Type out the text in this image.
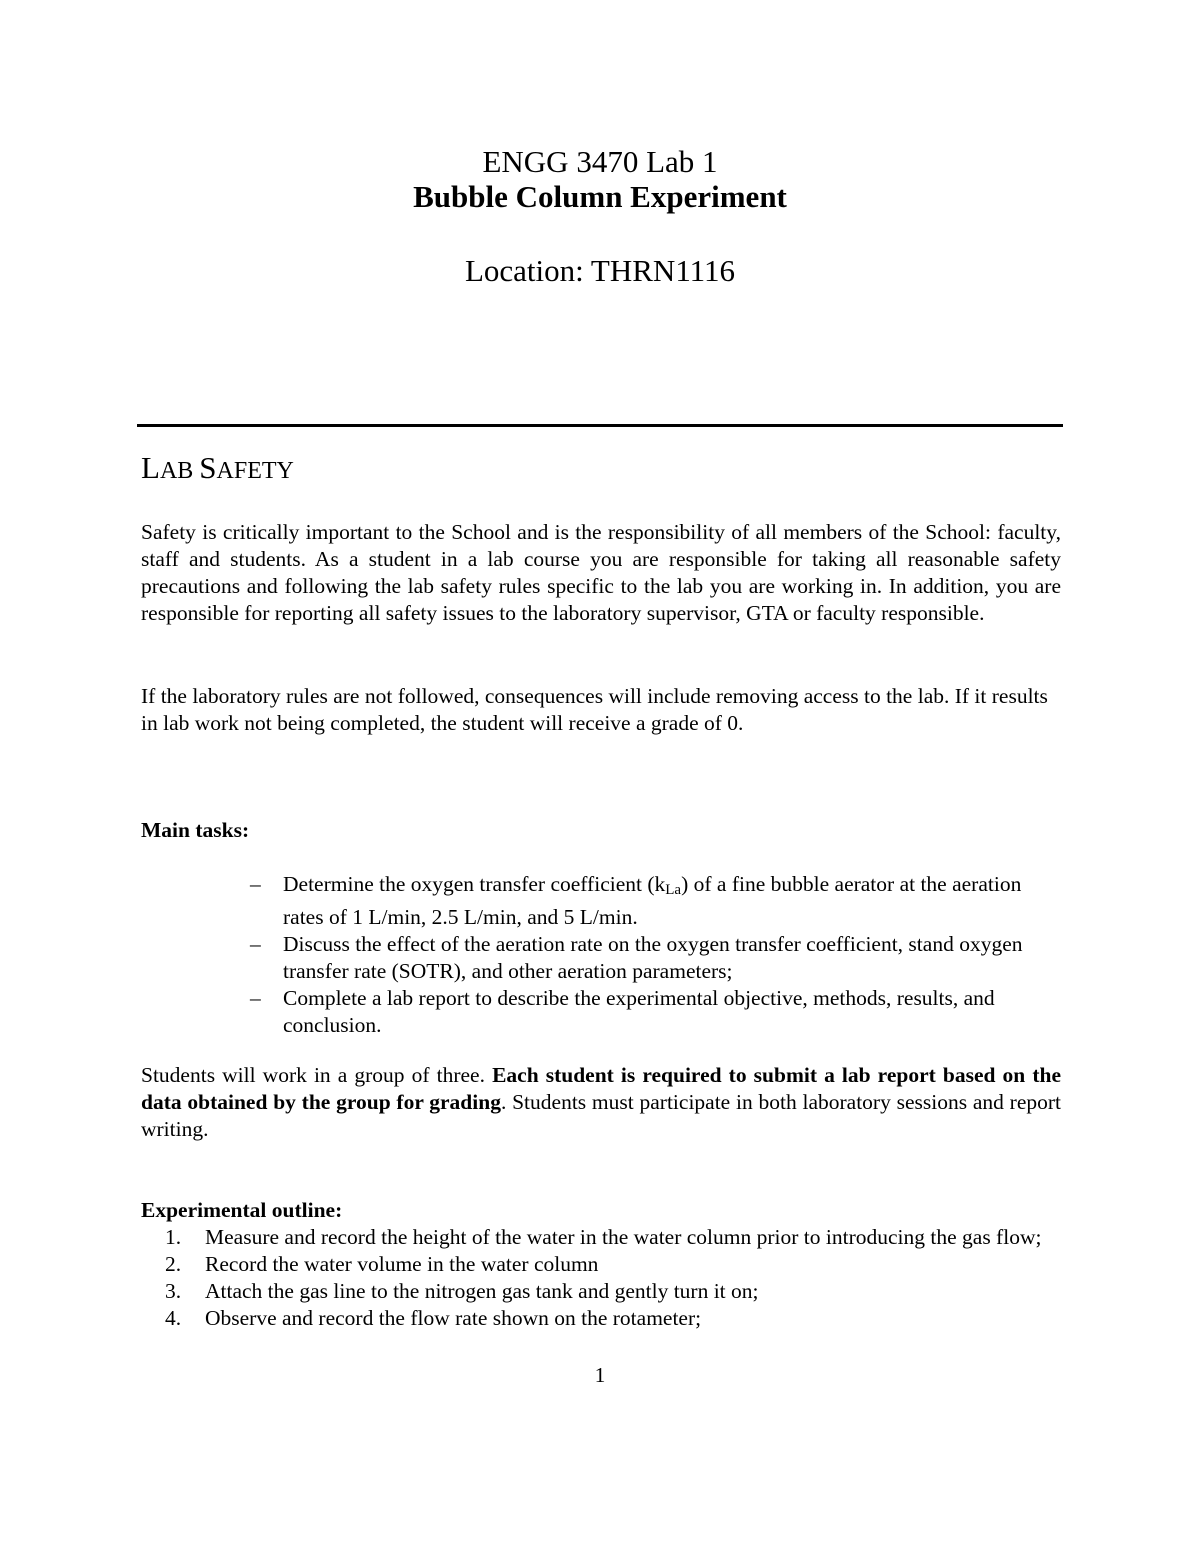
ENGG 3470 Lab 1
Bubble Column Experiment
Location: THRN1116
LAB SAFETY
Safety is critically important to the School and is the responsibility of all members of the School: faculty, staff and students. As a student in a lab course you are responsible for taking all reasonable safety precautions and following the lab safety rules specific to the lab you are working in. In addition, you are responsible for reporting all safety issues to the laboratory supervisor, GTA or faculty responsible.
If the laboratory rules are not followed, consequences will include removing access to the lab. If it results in lab work not being completed, the student will receive a grade of 0.
Main tasks:
– Determine the oxygen transfer coefficient $(k_{La})$ of a fine bubble aerator at the aeration rates of 1 L/min, 2.5 L/min, and 5 L/min.
– Discuss the effect of the aeration rate on the oxygen transfer coefficient, stand oxygen transfer rate (SOTR), and other aeration parameters;
– Complete a lab report to describe the experimental objective, methods, results, and conclusion.
Students will work in a group of three. Each student is required to submit a lab report based on the data obtained by the group for grading. Students must participate in both laboratory sessions and report writing.
Experimental outline:
1. Measure and record the height of the water in the water column prior to introducing the gas flow;
2. Record the water volume in the water column
3. Attach the gas line to the nitrogen gas tank and gently turn it on;
4. Observe and record the flow rate shown on the rotameter;
1
